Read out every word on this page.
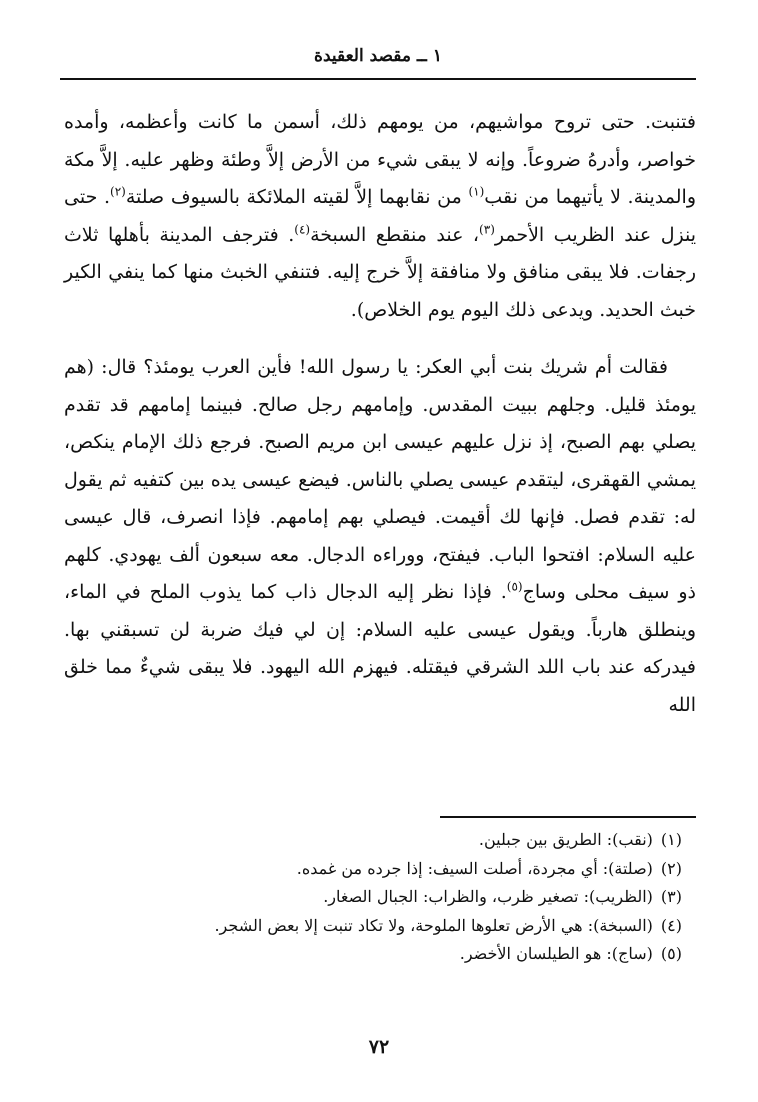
١ ــ مقصد العقيدة

فتنبت. حتى تروح مواشيهم، من يومهم ذلك، أسمن ما كانت وأعظمه، وأمده خواصر، وأدرهُ ضروعاً. وإنه لا يبقى شيء من الأرض إلاَّ وطئة وظهر عليه. إلاَّ مكة والمدينة. لا يأتيهما من نقب$^{(١)}$ من نقابهما إلاَّ لقيته الملائكة بالسيوف صلتة$^{(٢)}$. حتى ينزل عند الظريب الأحمر$^{(٣)}$، عند منقطع السبخة$^{(٤)}$. فترجف المدينة بأهلها ثلاث رجفات. فلا يبقى منافق ولا منافقة إلاَّ خرج إليه. فتنفي الخبث منها كما ينفي الكير خبث الحديد. ويدعى ذلك اليوم يوم الخلاص).

فقالت أم شريك بنت أبي العكر: يا رسول الله! فأين العرب يومئذ؟ قال: (هم يومئذ قليل. وجلهم ببيت المقدس. وإمامهم رجل صالح. فبينما إمامهم قد تقدم يصلي بهم الصبح، إذ نزل عليهم عيسى ابن مريم الصبح. فرجع ذلك الإمام ينكص، يمشي القهقرى، ليتقدم عيسى يصلي بالناس. فيضع عيسى يده بين كتفيه ثم يقول له: تقدم فصل. فإنها لك أقيمت. فيصلي بهم إمامهم. فإذا انصرف، قال عيسى عليه السلام: افتحوا الباب. فيفتح، ووراءه الدجال. معه سبعون ألف يهودي. كلهم ذو سيف محلى وساج$^{(٥)}$. فإذا نظر إليه الدجال ذاب كما يذوب الملح في الماء، وينطلق هارباً. ويقول عيسى عليه السلام: إن لي فيك ضربة لن تسبقني بها. فيدركه عند باب اللد الشرقي فيقتله. فيهزم الله اليهود. فلا يبقى شيءٌ مما خلق الله

(١)(نقب): الطريق بين جبلين.
(٢)(صلتة): أي مجردة، أصلت السيف: إذا جرده من غمده.
(٣)(الظريب): تصغير ظرب، والظراب: الجبال الصغار.
(٤)(السبخة): هي الأرض تعلوها الملوحة، ولا تكاد تنبت إلا بعض الشجر.
(٥)(ساج): هو الطيلسان الأخضر.
٧٢
